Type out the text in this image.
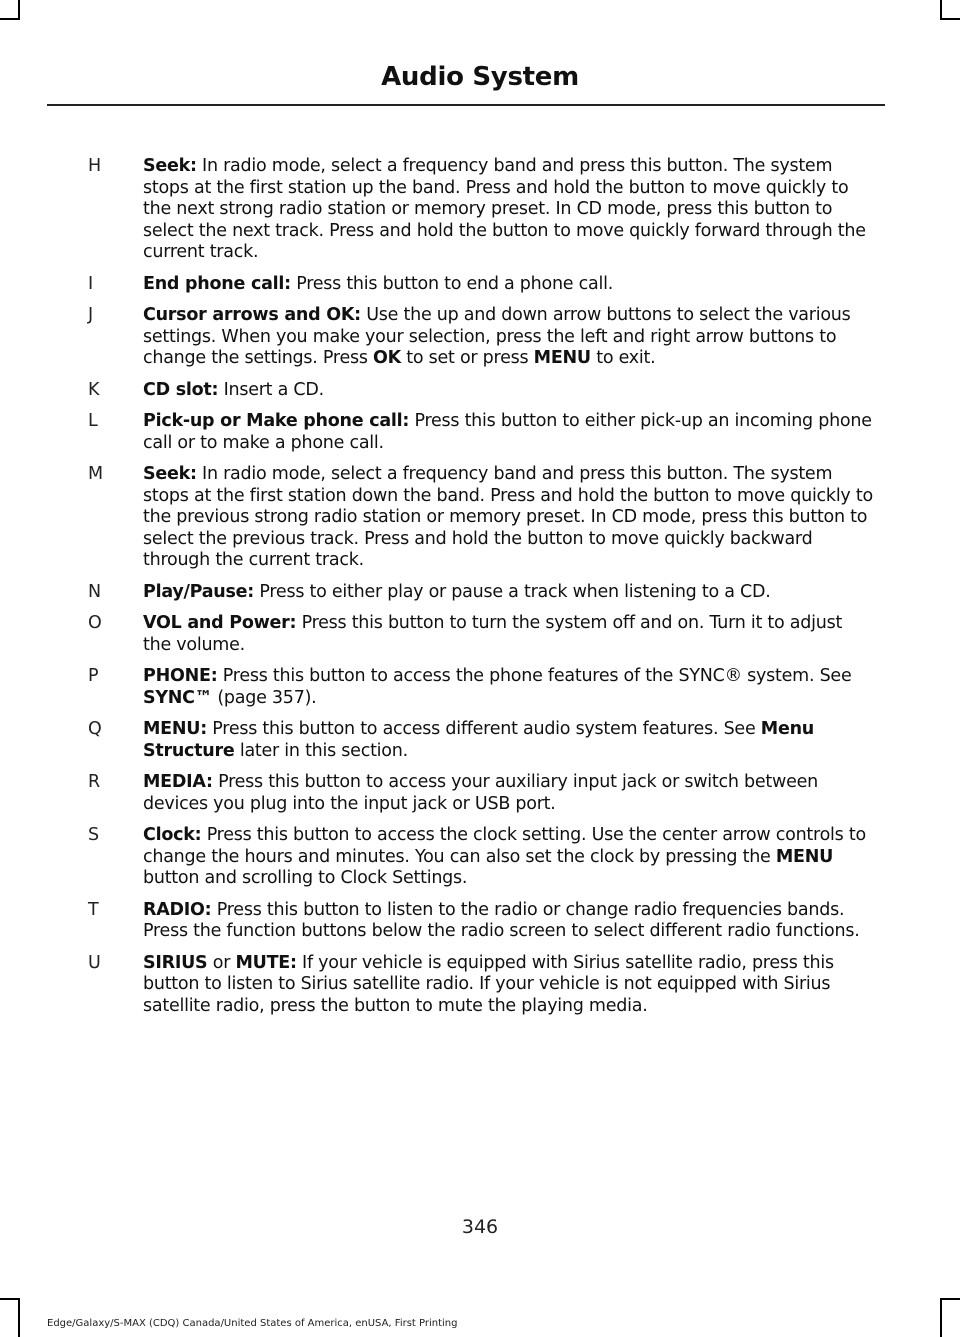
Audio System
H	Seek: In radio mode, select a frequency band and press this button. The system stops at the first station up the band. Press and hold the button to move quickly to the next strong radio station or memory preset. In CD mode, press this button to select the next track. Press and hold the button to move quickly forward through the current track.
I	End phone call: Press this button to end a phone call.
J	Cursor arrows and OK: Use the up and down arrow buttons to select the various settings. When you make your selection, press the left and right arrow buttons to change the settings. Press OK to set or press MENU to exit.
K	CD slot: Insert a CD.
L	Pick-up or Make phone call: Press this button to either pick-up an incoming phone call or to make a phone call.
M Seek: In radio mode, select a frequency band and press this button. The system stops at the first station down the band. Press and hold the button to move quickly to the previous strong radio station or memory preset. In CD mode, press this button to select the previous track. Press and hold the button to move quickly backward through the current track.
N	Play/Pause: Press to either play or pause a track when listening to a CD.
O	VOL and Power: Press this button to turn the system off and on. Turn it to adjust the volume.
P	PHONE: Press this button to access the phone features of the SYNC® system. See SYNC™ (page 357).
Q	MENU: Press this button to access different audio system features. See Menu Structure later in this section.
R	MEDIA: Press this button to access your auxiliary input jack or switch between devices you plug into the input jack or USB port.
S	Clock: Press this button to access the clock setting. Use the center arrow controls to change the hours and minutes. You can also set the clock by pressing the MENU button and scrolling to Clock Settings.
T	RADIO: Press this button to listen to the radio or change radio frequencies bands. Press the function buttons below the radio screen to select different radio functions.
U	SIRIUS or MUTE: If your vehicle is equipped with Sirius satellite radio, press this button to listen to Sirius satellite radio. If your vehicle is not equipped with Sirius satellite radio, press the button to mute the playing media.
346
Edge/Galaxy/S-MAX (CDQ) Canada/United States of America, enUSA, First Printing
